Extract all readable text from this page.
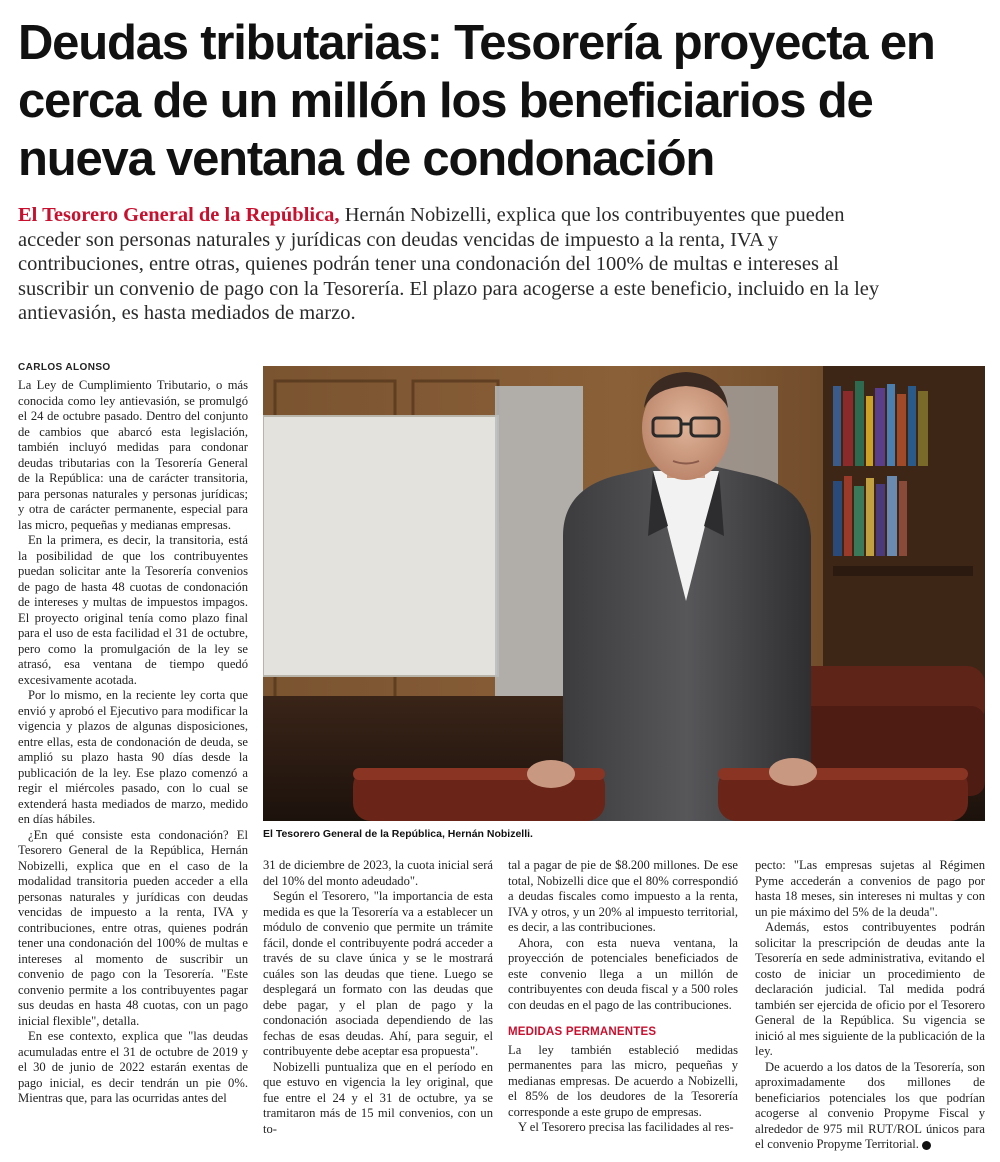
Deudas tributarias: Tesorería proyecta en
cerca de un millón los beneficiarios de
nueva ventana de condonación
El Tesorero General de la República, Hernán Nobizelli, explica que los contribuyentes que pueden
acceder son personas naturales y jurídicas con deudas vencidas de impuesto a la renta, IVA y
contribuciones, entre otras, quienes podrán tener una condonación del 100% de multas e intereses al
suscribir un convenio de pago con la Tesorería. El plazo para acogerse a este beneficio, incluido en la ley
antievasión, es hasta mediados de marzo.
CARLOS ALONSO

La Ley de Cumplimiento Tributario, o más conocida como ley antievasión, se promulgó el 24 de octubre pasado. Dentro del conjunto de cambios que abarcó esta legislación, también incluyó medidas para condonar deudas tributarias con la Tesorería General de la República: una de carácter transitoria, para personas naturales y personas jurídicas; y otra de carácter permanente, especial para las micro, pequeñas y medianas empresas.

En la primera, es decir, la transitoria, está la posibilidad de que los contribuyentes puedan solicitar ante la Tesorería convenios de pago de hasta 48 cuotas de condonación de intereses y multas de impuestos impagos. El proyecto original tenía como plazo final para el uso de esta facilidad el 31 de octubre, pero como la promulgación de la ley se atrasó, esa ventana de tiempo quedó excesivamente acotada.

Por lo mismo, en la reciente ley corta que envió y aprobó el Ejecutivo para modificar la vigencia y plazos de algunas disposiciones, entre ellas, esta de condonación de deuda, se amplió su plazo hasta 90 días desde la publicación de la ley. Ese plazo comenzó a regir el miércoles pasado, con lo cual se extenderá hasta mediados de marzo, medido en días hábiles.

¿En qué consiste esta condonación? El Tesorero General de la República, Hernán Nobizelli, explica que en el caso de la modalidad transitoria pueden acceder a ella personas naturales y jurídicas con deudas vencidas de impuesto a la renta, IVA y contribuciones, entre otras, quienes podrán tener una condonación del 100% de multas e intereses al momento de suscribir un convenio de pago con la Tesorería. "Este convenio permite a los contribuyentes pagar sus deudas en hasta 48 cuotas, con un pago inicial flexible", detalla.

En ese contexto, explica que "las deudas acumuladas entre el 31 de octubre de 2019 y el 30 de junio de 2022 estarán exentas de pago inicial, es decir tendrán un pie 0%. Mientras que, para las ocurridas antes del

El Tesorero General de la República, Hernán Nobizelli.

31 de diciembre de 2023, la cuota inicial será del 10% del monto adeudado".

Según el Tesorero, "la importancia de esta medida es que la Tesorería va a establecer un módulo de convenio que permite un trámite fácil, donde el contribuyente podrá acceder a través de su clave única y se le mostrará cuáles son las deudas que tiene. Luego se desplegará un formato con las deudas que debe pagar, y el plan de pago y la condonación asociada dependiendo de las fechas de esas deudas. Ahí, para seguir, el contribuyente debe aceptar esa propuesta".

Nobizelli puntualiza que en el período en que estuvo en vigencia la ley original, que fue entre el 24 y el 31 de octubre, ya se tramitaron más de 15 mil convenios, con un to-

tal a pagar de pie de $8.200 millones. De ese total, Nobizelli dice que el 80% correspondió a deudas fiscales como impuesto a la renta, IVA y otros, y un 20% al impuesto territorial, es decir, a las contribuciones.

Ahora, con esta nueva ventana, la proyección de potenciales beneficiados de este convenio llega a un millón de contribuyentes con deuda fiscal y a 500 roles con deudas en el pago de las contribuciones.

MEDIDAS PERMANENTES

La ley también estableció medidas permanentes para las micro, pequeñas y medianas empresas. De acuerdo a Nobizelli, el 85% de los deudores de la Tesorería corresponde a este grupo de empresas.

Y el Tesorero precisa las facilidades al res-

pecto: "Las empresas sujetas al Régimen Pyme accederán a convenios de pago por hasta 18 meses, sin intereses ni multas y con un pie máximo del 5% de la deuda".

Además, estos contribuyentes podrán solicitar la prescripción de deudas ante la Tesorería en sede administrativa, evitando el costo de iniciar un procedimiento de declaración judicial. Tal medida podrá también ser ejercida de oficio por el Tesorero General de la República. Su vigencia se inició al mes siguiente de la publicación de la ley.

De acuerdo a los datos de la Tesorería, son aproximadamente dos millones de beneficiarios potenciales los que podrían acogerse al convenio Propyme Fiscal y alrededor de 975 mil RUT/ROL únicos para el convenio Propyme Territorial. P
